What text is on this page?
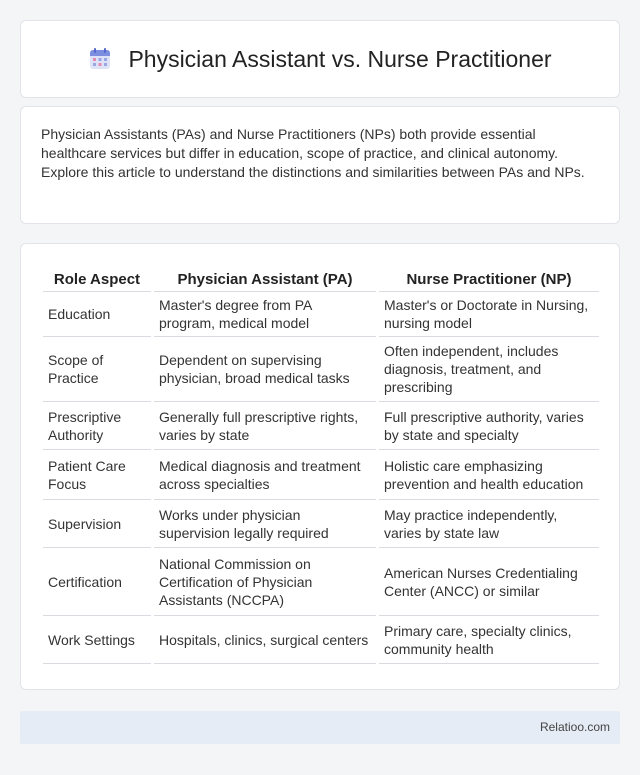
Physician Assistant vs. Nurse Practitioner

Physician Assistants (PAs) and Nurse Practitioners (NPs) both provide essential healthcare services but differ in education, scope of practice, and clinical autonomy. Explore this article to understand the distinctions and similarities between PAs and NPs.

Role Aspect	Physician Assistant (PA)	Nurse Practitioner (NP)
Education	Master's degree from PA program, medical model	Master's or Doctorate in Nursing, nursing model
Scope of Practice	Dependent on supervising physician, broad medical tasks	Often independent, includes diagnosis, treatment, and prescribing
Prescriptive Authority	Generally full prescriptive rights, varies by state	Full prescriptive authority, varies by state and specialty
Patient Care Focus	Medical diagnosis and treatment across specialties	Holistic care emphasizing prevention and health education
Supervision	Works under physician supervision legally required	May practice independently, varies by state law
Certification	National Commission on Certification of Physician Assistants (NCCPA)	American Nurses Credentialing Center (ANCC) or similar
Work Settings	Hospitals, clinics, surgical centers	Primary care, specialty clinics, community health
Relatioo.com
